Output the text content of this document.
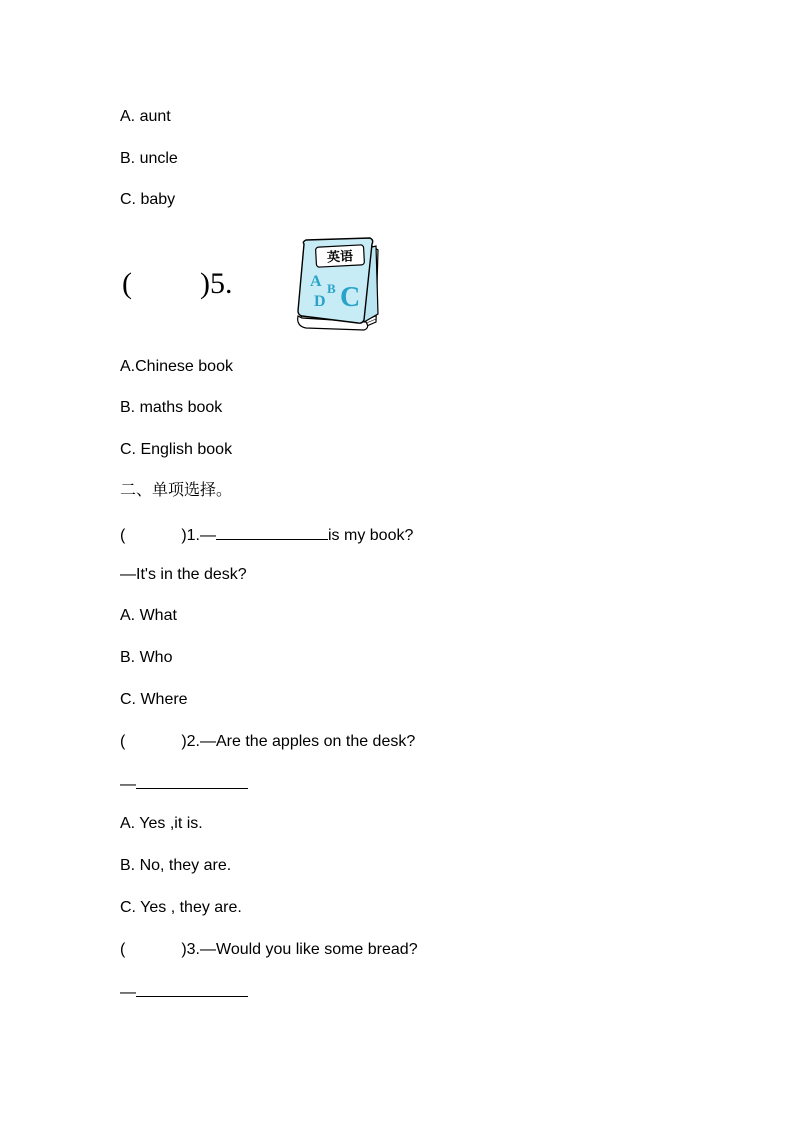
A. aunt
B. uncle
C. baby
( )5.
英语
A B C
D
A.Chinese book
B. maths book
C. English book
二、单项选择。
(	)1.—	is my book?
—It's in the desk?
A. What
B. Who
C. Where
(	)2.—Are the apples on the desk?
—
A. Yes ,it is.
B. No, they are.
C. Yes , they are.
(	)3.—Would you like some bread?
—
